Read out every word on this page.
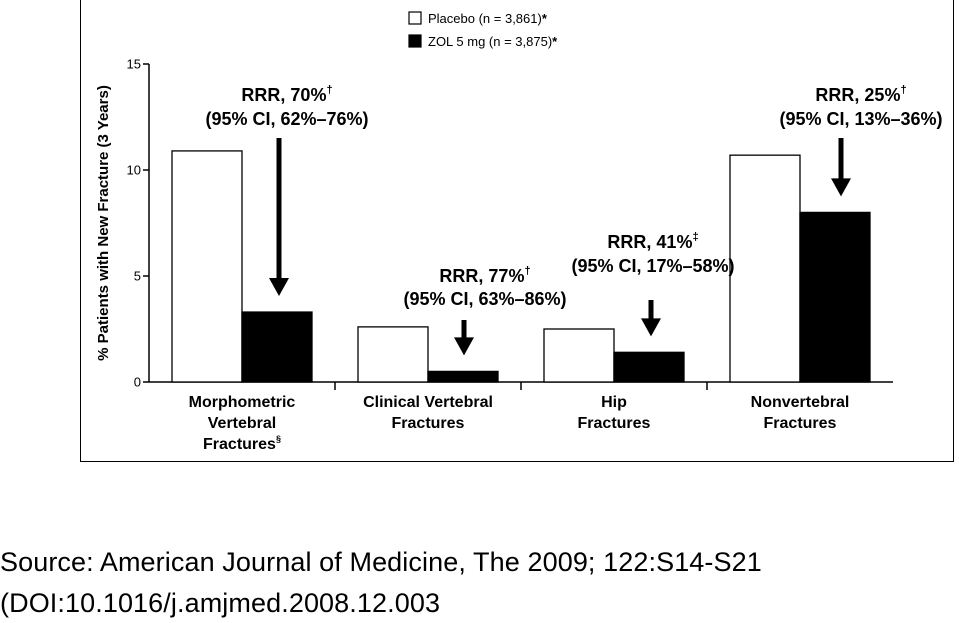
0
5
10
15
% Patients with New Fracture (3 Years)
Morphometric
Vertebral
Fractures§
Clinical Vertebral
Fractures
Hip
Fractures
Nonvertebral
Fractures
RRR, 70%†
(95% CI, 62%–76%)
RRR, 77%†
(95% CI, 63%–86%)
RRR, 41%‡
(95% CI, 17%–58%)
RRR, 25%†
(95% CI, 13%–36%)
Placebo (n = 3,861)*
ZOL 5 mg (n = 3,875)*
Source: American Journal of Medicine, The 2009; 122:S14-S21
(DOI:10.1016/j.amjmed.2008.12.003
